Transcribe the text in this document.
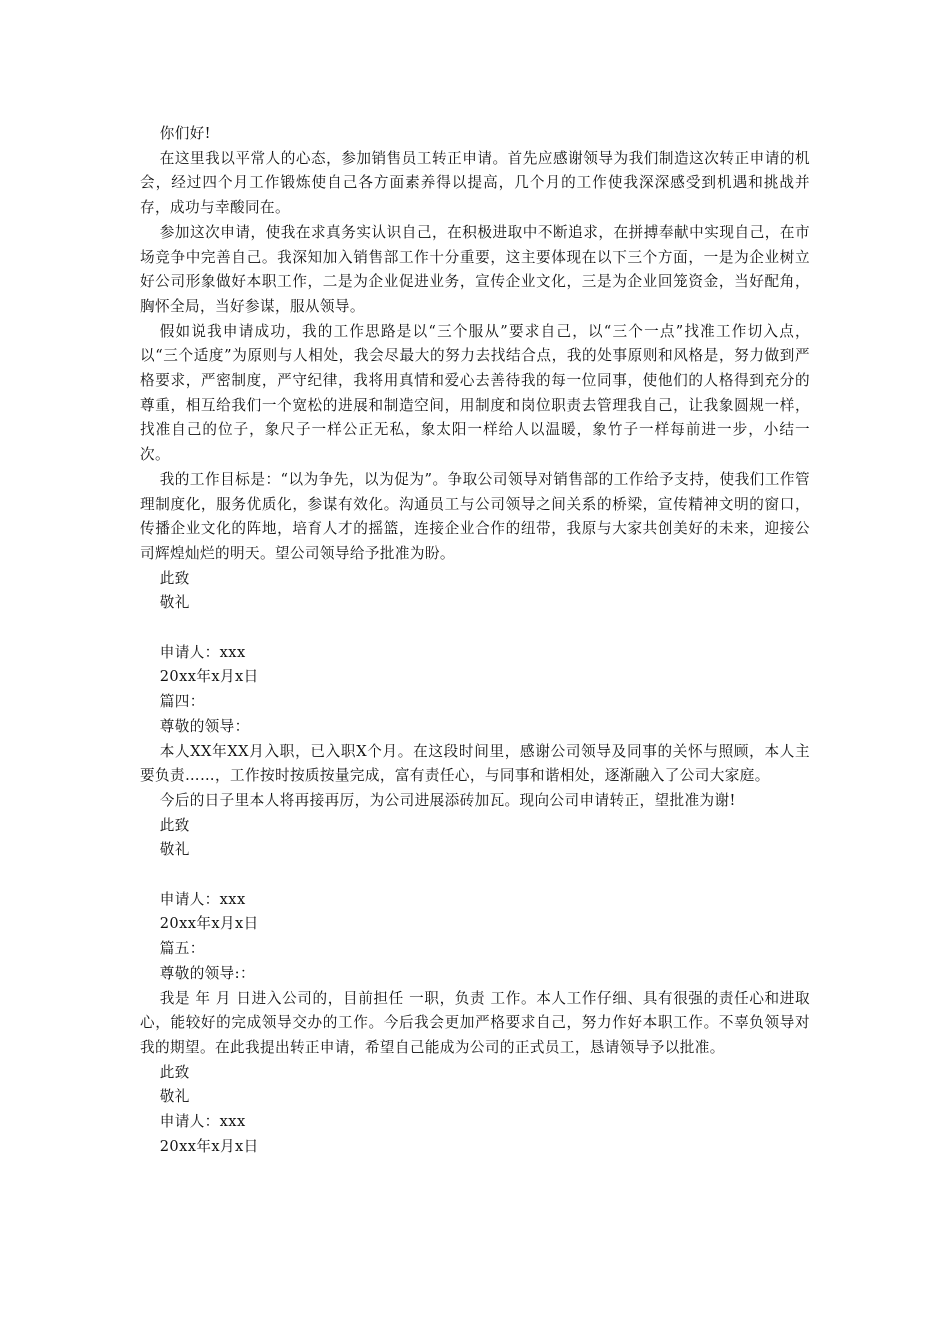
你们好!

在这里我以平常人的心态，参加销售员工转正申请。首先应感谢领导为我们制造这次转正申请的机会，经过四个月工作锻炼使自己各方面素养得以提高，几个月的工作使我深深感受到机遇和挑战并存，成功与幸酸同在。

参加这次申请，使我在求真务实认识自己，在积极进取中不断追求，在拼搏奉献中实现自己，在市场竞争中完善自己。我深知加入销售部工作十分重要，这主要体现在以下三个方面，一是为企业树立好公司形象做好本职工作，二是为企业促进业务，宣传企业文化，三是为企业回笼资金，当好配角，胸怀全局，当好参谋，服从领导。

假如说我申请成功，我的工作思路是以“三个服从”要求自己，以“三个一点”找准工作切入点，以“三个适度”为原则与人相处，我会尽最大的努力去找结合点，我的处事原则和风格是，努力做到严格要求，严密制度，严守纪律，我将用真情和爱心去善待我的每一位同事，使他们的人格得到充分的尊重，相互给我们一个宽松的进展和制造空间，用制度和岗位职责去管理我自己，让我象圆规一样，找准自己的位子，象尺子一样公正无私，象太阳一样给人以温暖，象竹子一样每前进一步，小结一次。

我的工作目标是：“以为争先，以为促为”。争取公司领导对销售部的工作给予支持，使我们工作管理制度化，服务优质化，参谋有效化。沟通员工与公司领导之间关系的桥梁，宣传精神文明的窗口，传播企业文化的阵地，培育人才的摇篮，连接企业合作的纽带，我原与大家共创美好的未来，迎接公司辉煌灿烂的明天。望公司领导给予批准为盼。

此致

敬礼

申请人：xxx

20xx年x月x日

篇四：

尊敬的领导：

本人XX年XX月入职，已入职X个月。在这段时间里，感谢公司领导及同事的关怀与照顾，本人主要负责……，工作按时按质按量完成，富有责任心，与同事和谐相处，逐渐融入了公司大家庭。

今后的日子里本人将再接再厉，为公司进展添砖加瓦。现向公司申请转正，望批准为谢!

此致

敬礼

申请人：xxx

20xx年x月x日

篇五：

尊敬的领导:：

我是 年 月 日进入公司的，目前担任 一职，负责 工作。本人工作仔细、具有很强的责任心和进取心，能较好的完成领导交办的工作。今后我会更加严格要求自己，努力作好本职工作。不辜负领导对我的期望。在此我提出转正申请，希望自己能成为公司的正式员工，恳请领导予以批准。

此致

敬礼

申请人：xxx

20xx年x月x日
